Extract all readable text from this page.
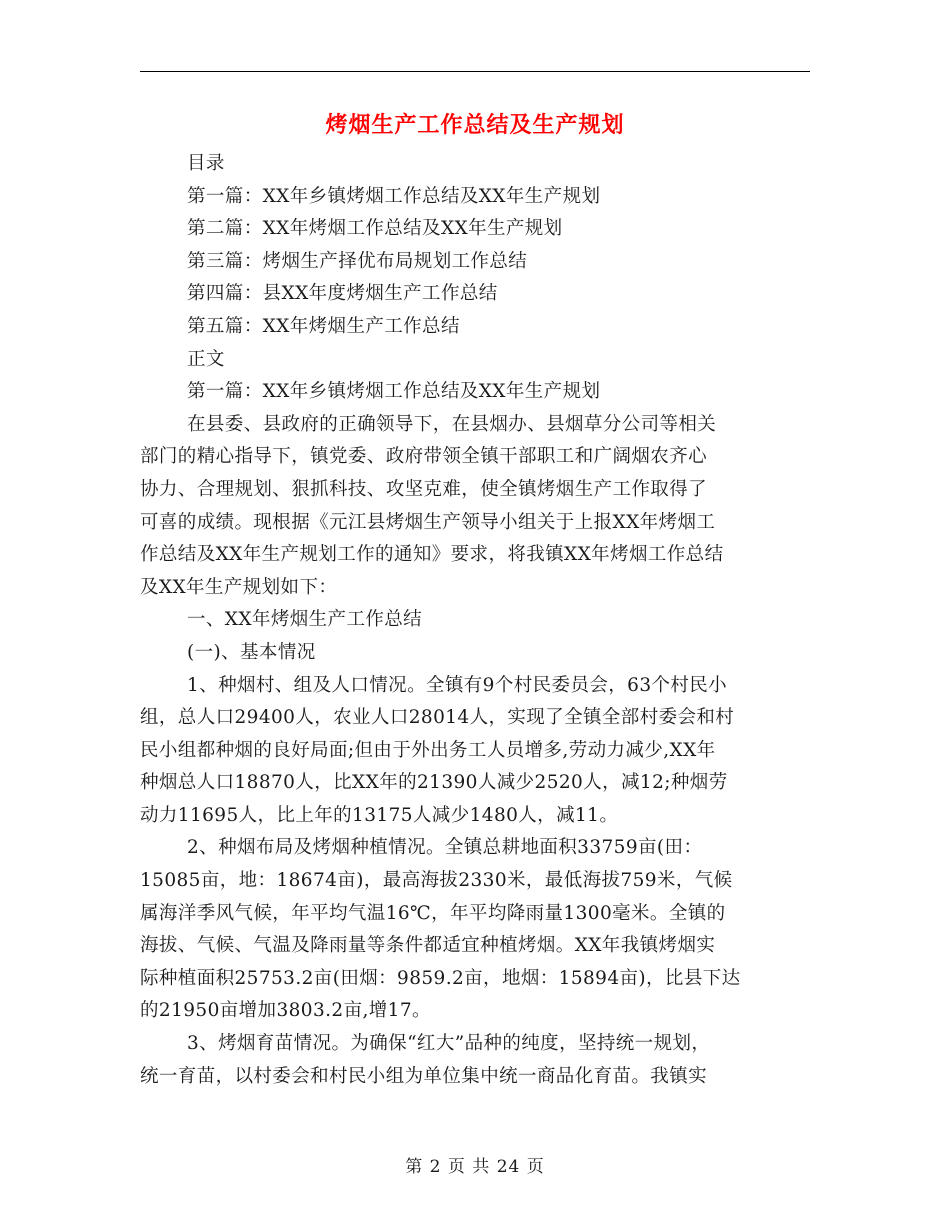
烤烟生产工作总结及生产规划
目录
第一篇：XX年乡镇烤烟工作总结及XX年生产规划
第二篇：XX年烤烟工作总结及XX年生产规划
第三篇：烤烟生产择优布局规划工作总结
第四篇：县XX年度烤烟生产工作总结
第五篇：XX年烤烟生产工作总结
正文
第一篇：XX年乡镇烤烟工作总结及XX年生产规划
在县委、县政府的正确领导下，在县烟办、县烟草分公司等相关
部门的精心指导下，镇党委、政府带领全镇干部职工和广阔烟农齐心
协力、合理规划、狠抓科技、攻坚克难，使全镇烤烟生产工作取得了
可喜的成绩。现根据《元江县烤烟生产领导小组关于上报XX年烤烟工
作总结及XX年生产规划工作的通知》要求，将我镇XX年烤烟工作总结
及XX年生产规划如下：
一、XX年烤烟生产工作总结
(一)、基本情况
1、种烟村、组及人口情况。全镇有9个村民委员会，63个村民小
组，总人口29400人，农业人口28014人，实现了全镇全部村委会和村
民小组都种烟的良好局面;但由于外出务工人员增多,劳动力减少,XX年
种烟总人口18870人，比XX年的21390人减少2520人，减12;种烟劳
动力11695人，比上年的13175人减少1480人，减11。
2、种烟布局及烤烟种植情况。全镇总耕地面积33759亩(田：
15085亩，地：18674亩)，最高海拔2330米，最低海拔759米，气候
属海洋季风气候，年平均气温16℃，年平均降雨量1300毫米。全镇的
海拔、气候、气温及降雨量等条件都适宜种植烤烟。XX年我镇烤烟实
际种植面积25753.2亩(田烟：9859.2亩，地烟：15894亩)，比县下达
的21950亩增加3803.2亩,增17。
3、烤烟育苗情况。为确保“红大”品种的纯度，坚持统一规划，
统一育苗，以村委会和村民小组为单位集中统一商品化育苗。我镇实
第 2 页 共 24 页
